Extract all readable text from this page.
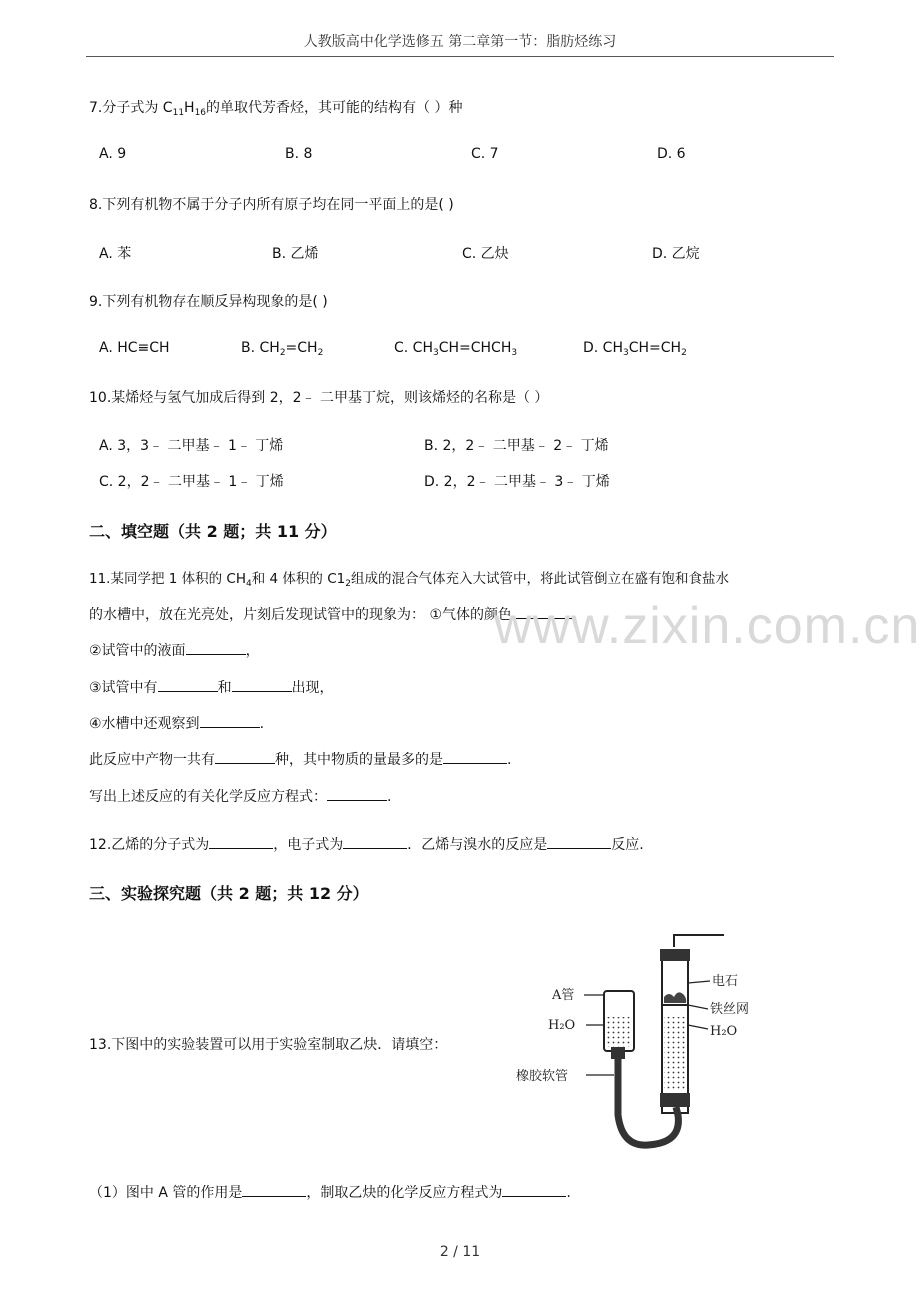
人教版高中化学选修五 第二章第一节：脂肪烃练习
7.分子式为 $C_{11}H_{16}$的单取代芳香烃，其可能的结构有（ ）种
A. 9	B. 8	C. 7	D. 6
8.下列有机物不属于分子内所有原子均在同一平面上的是( )
A. 苯	B. 乙烯	C. 乙炔	D. 乙烷
9.下列有机物存在顺反异构现象的是( )
A. HC≡CH	B. $CH_2=CH_2$	C. $CH_3CH=CHCH_3$	D. $CH_3CH=CH_2$
10.某烯烃与氢气加成后得到 2，2﹣ 二甲基丁烷，则该烯烃的名称是（ ）
A. 3，3﹣ 二甲基﹣ 1﹣ 丁烯	B. 2，2﹣ 二甲基﹣ 2﹣ 丁烯
C. 2，2﹣ 二甲基﹣ 1﹣ 丁烯	D. 2，2﹣ 二甲基﹣ 3﹣ 丁烯
二、填空题（共 2 题；共 11 分）
11.某同学把 1 体积的 $CH_4$和 4 体积的 $C1_2$组成的混合气体充入大试管中，将此试管倒立在盛有饱和食盐水
的水槽中，放在光亮处，片刻后发现试管中的现象为： ①气体的颜色
②试管中的液面	，
③试管中有	和	出现，
④水槽中还观察到	.
此反应中产物一共有	种，其中物质的量最多的是	.
写出上述反应的有关化学反应方程式：	.
12.乙烯的分子式为	，电子式为	．乙烯与溴水的反应是	反应.
三、实验探究题（共 2 题；共 12 分）
13.下图中的实验装置可以用于实验室制取乙炔．请填空：
A管
H₂O
橡胶软管
电石
铁丝网
H₂O
（1）图中 A 管的作用是	，制取乙炔的化学反应方程式为	.
www.zixin.com.cn
2 / 11
